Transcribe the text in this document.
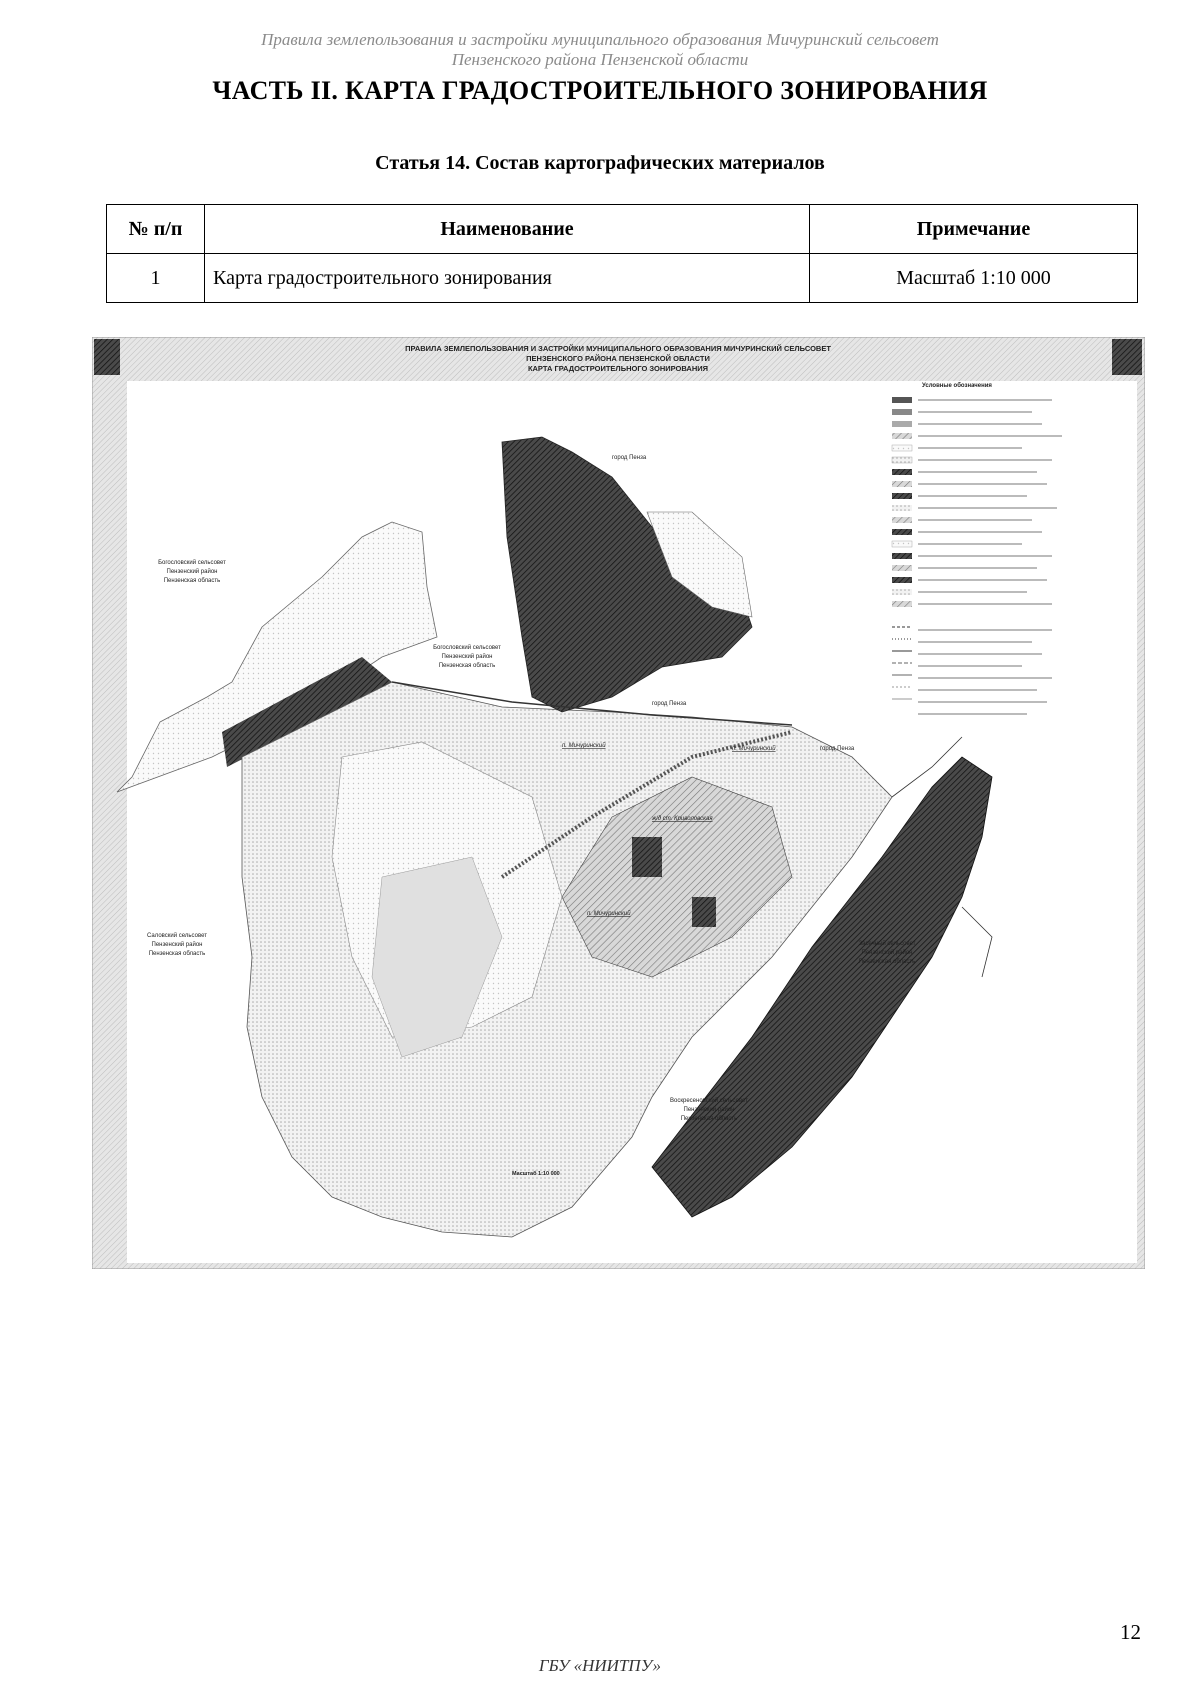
Правила землепользования и застройки муниципального образования Мичуринский сельсовет
Пензенского района Пензенской области
ЧАСТЬ II. КАРТА ГРАДОСТРОИТЕЛЬНОГО ЗОНИРОВАНИЯ
Статья 14. Состав картографических материалов
№ п/п	Наименование	Примечание
1	Карта градостроительного зонирования	Масштаб 1:10 000
ПРАВИЛА ЗЕМЛЕПОЛЬЗОВАНИЯ И ЗАСТРОЙКИ МУНИЦИПАЛЬНОГО ОБРАЗОВАНИЯ МИЧУРИНСКИЙ СЕЛЬСОВЕТ
ПЕНЗЕНСКОГО РАЙОНА ПЕНЗЕНСКОЙ ОБЛАСТИ
КАРТА ГРАДОСТРОИТЕЛЬНОГО ЗОНИРОВАНИЯ
город Пенза
город Пенза
город Пенза
Богословский сельсовет
Пензенский район
Пензенская область
Богословский сельсовет
Пензенский район
Пензенская область
Саловский сельсовет
Пензенский район
Пензенская область
Засечный сельсовет
Пензенский район
Пензенская область
Воскресеновский сельсовет
Пензенский район
Пензенская область
п. Мичуринский	п. Мичуринский
п. Мичуринский
ж/д ст. Криволовская
Масштаб 1:10 000
Условные обозначения
12
ГБУ «НИИТПУ»
